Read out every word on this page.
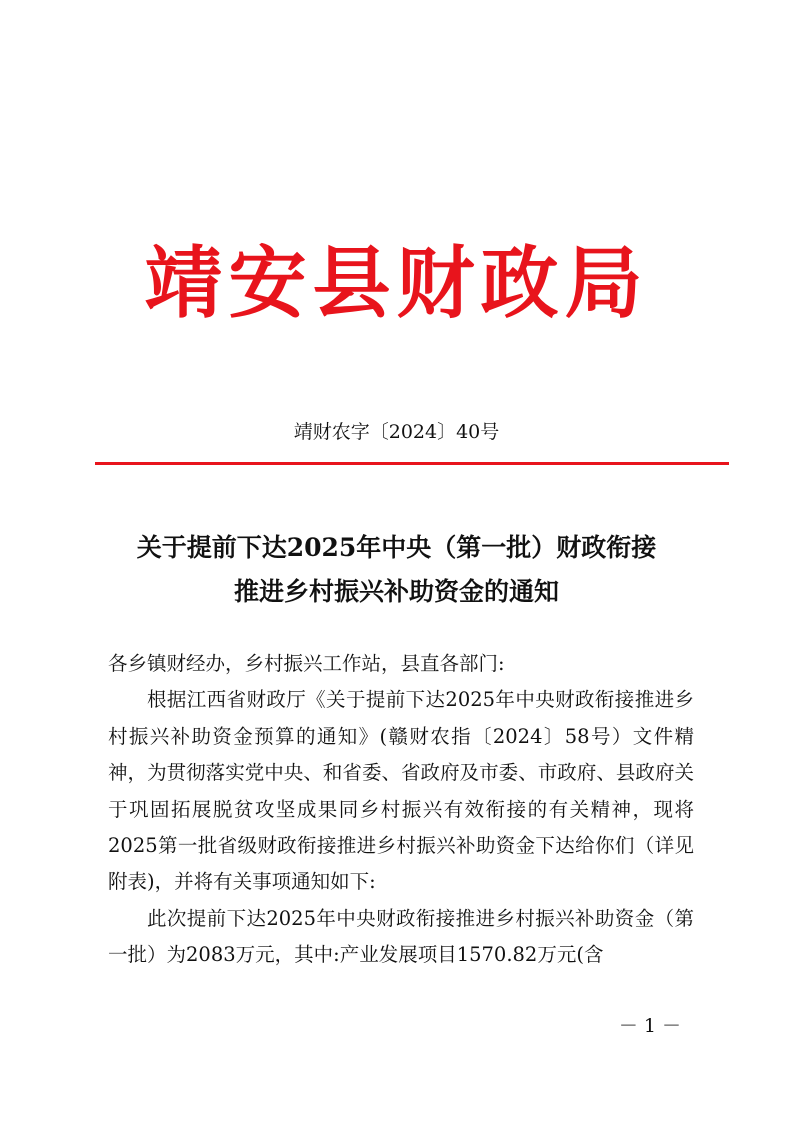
靖安县财政局
靖财农字〔2024〕40号
关于提前下达2025年中央（第一批）财政衔接
推进乡村振兴补助资金的通知

各乡镇财经办，乡村振兴工作站，县直各部门:

根据江西省财政厅《关于提前下达2025年中央财政衔接推进乡村振兴补助资金预算的通知》(赣财农指〔2024〕58号）文件精神，为贯彻落实党中央、和省委、省政府及市委、市政府、县政府关于巩固拓展脱贫攻坚成果同乡村振兴有效衔接的有关精神，现将2025第一批省级财政衔接推进乡村振兴补助资金下达给你们（详见附表)，并将有关事项通知如下:

此次提前下达2025年中央财政衔接推进乡村振兴补助资金（第一批）为2083万元，其中:产业发展项目1570.82万元(含

－ 1 －
